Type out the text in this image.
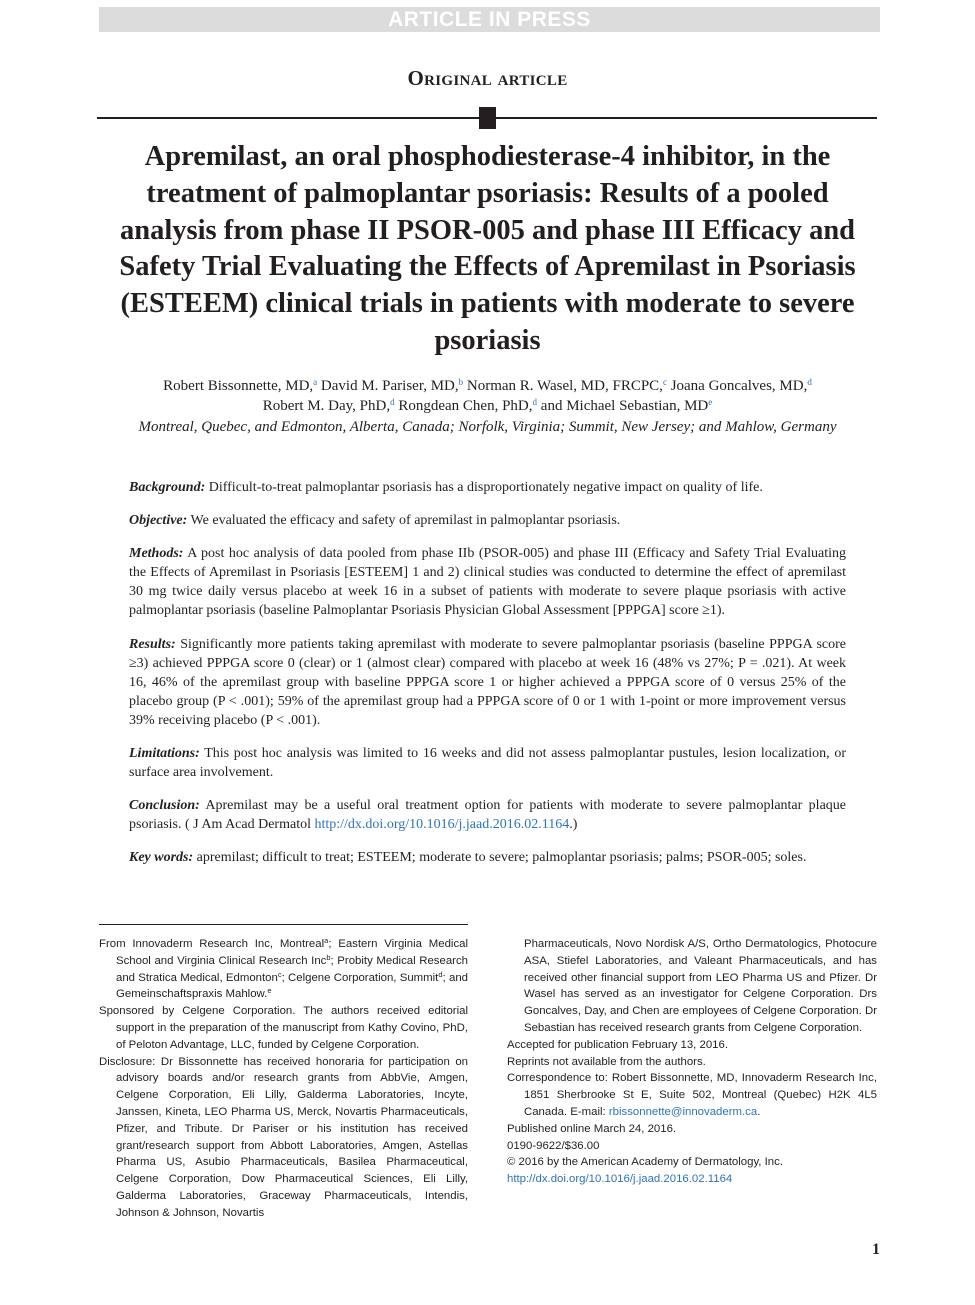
ARTICLE IN PRESS
Original article
Apremilast, an oral phosphodiesterase-4 inhibitor, in the treatment of palmoplantar psoriasis: Results of a pooled analysis from phase II PSOR-005 and phase III Efficacy and Safety Trial Evaluating the Effects of Apremilast in Psoriasis (ESTEEM) clinical trials in patients with moderate to severe psoriasis
Robert Bissonnette, MD,$^a$ David M. Pariser, MD,$^b$ Norman R. Wasel, MD, FRCPC,$^c$ Joana Goncalves, MD,$^d$
Robert M. Day, PhD,$^d$ Rongdean Chen, PhD,$^d$ and Michael Sebastian, MDe
Montreal, Quebec, and Edmonton, Alberta, Canada; Norfolk, Virginia; Summit, New Jersey; and Mahlow, Germany

Background: Difficult-to-treat palmoplantar psoriasis has a disproportionately negative impact on quality of life.

Objective: We evaluated the efficacy and safety of apremilast in palmoplantar psoriasis.

Methods: A post hoc analysis of data pooled from phase IIb (PSOR-005) and phase III (Efficacy and Safety Trial Evaluating the Effects of Apremilast in Psoriasis [ESTEEM] 1 and 2) clinical studies was conducted to determine the effect of apremilast 30 mg twice daily versus placebo at week 16 in a subset of patients with moderate to severe plaque psoriasis with active palmoplantar psoriasis (baseline Palmoplantar Psoriasis Physician Global Assessment [PPPGA] score ≥1).

Results: Significantly more patients taking apremilast with moderate to severe palmoplantar psoriasis (baseline PPPGA score ≥3) achieved PPPGA score 0 (clear) or 1 (almost clear) compared with placebo at week 16 (48% vs 27%; P = .021). At week 16, 46% of the apremilast group with baseline PPPGA score 1 or higher achieved a PPPGA score of 0 versus 25% of the placebo group (P < .001); 59% of the apremilast group had a PPPGA score of 0 or 1 with 1-point or more improvement versus 39% receiving placebo (P < .001).

Limitations: This post hoc analysis was limited to 16 weeks and did not assess palmoplantar pustules, lesion localization, or surface area involvement.

Conclusion: Apremilast may be a useful oral treatment option for patients with moderate to severe palmoplantar plaque psoriasis. ( J Am Acad Dermatol http://dx.doi.org/10.1016/j.jaad.2016.02.1164.)

Key words: apremilast; difficult to treat; ESTEEM; moderate to severe; palmoplantar psoriasis; palms; PSOR-005; soles.

From Innovaderm Research Inc, Montreal$^a$; Eastern Virginia Medical School and Virginia Clinical Research Inc$^b$; Probity Medical Research and Stratica Medical, Edmonton$^c$; Celgene Corporation, Summit$^d$; and Gemeinschaftspraxis Mahlow.$^e$

Sponsored by Celgene Corporation. The authors received editorial support in the preparation of the manuscript from Kathy Covino, PhD, of Peloton Advantage, LLC, funded by Celgene Corporation.

Disclosure: Dr Bissonnette has received honoraria for participation on advisory boards and/or research grants from AbbVie, Amgen, Celgene Corporation, Eli Lilly, Galderma Laboratories, Incyte, Janssen, Kineta, LEO Pharma US, Merck, Novartis Pharmaceuticals, Pfizer, and Tribute. Dr Pariser or his institution has received grant/research support from Abbott Laboratories, Amgen, Astellas Pharma US, Asubio Pharmaceuticals, Basilea Pharmaceutical, Celgene Corporation, Dow Pharmaceutical Sciences, Eli Lilly, Galderma Laboratories, Graceway Pharmaceuticals, Intendis, Johnson & Johnson, Novartis

Pharmaceuticals, Novo Nordisk A/S, Ortho Dermatologics, Photocure ASA, Stiefel Laboratories, and Valeant Pharmaceuticals, and has received other financial support from LEO Pharma US and Pfizer. Dr Wasel has served as an investigator for Celgene Corporation. Drs Goncalves, Day, and Chen are employees of Celgene Corporation. Dr Sebastian has received research grants from Celgene Corporation.

Accepted for publication February 13, 2016.

Reprints not available from the authors.

Correspondence to: Robert Bissonnette, MD, Innovaderm Research Inc, 1851 Sherbrooke St E, Suite 502, Montreal (Quebec) H2K 4L5 Canada. E-mail: rbissonnette@innovaderm.ca.

Published online March 24, 2016.

0190-9622/$36.00

© 2016 by the American Academy of Dermatology, Inc.

http://dx.doi.org/10.1016/j.jaad.2016.02.1164

1
